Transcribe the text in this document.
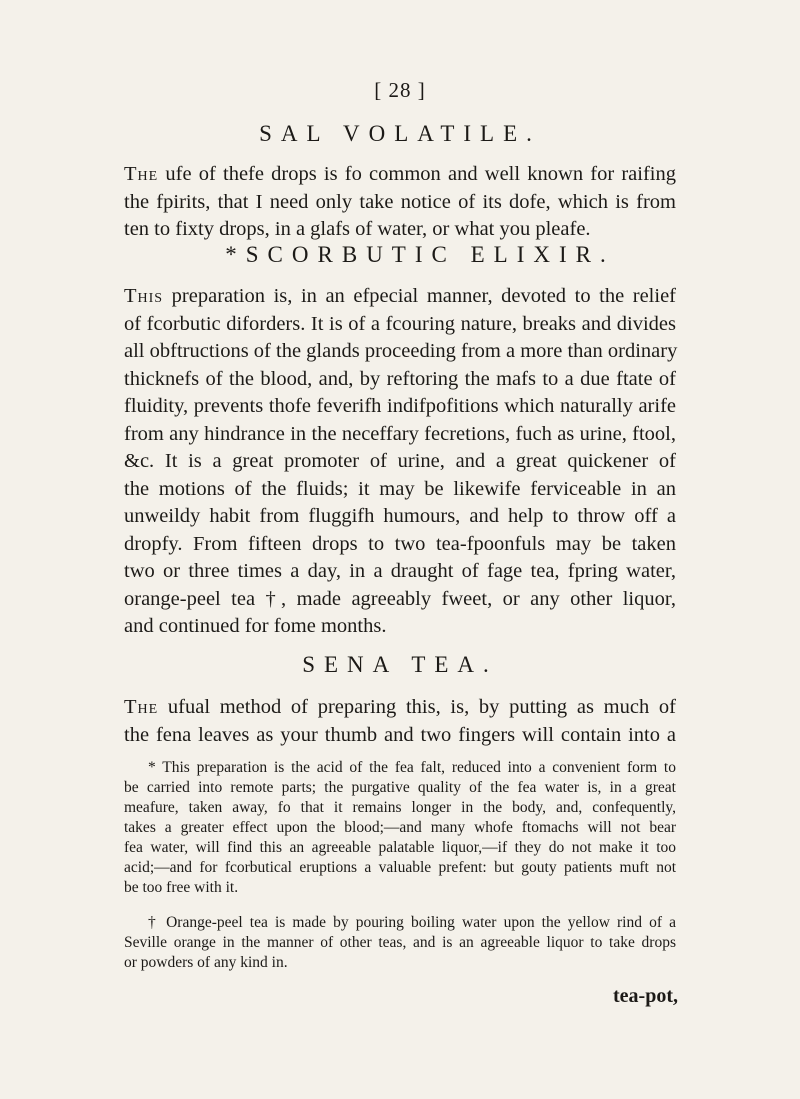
[ 28 ]
SAL VOLATILE.
The ufe of thefe drops is fo common and well known for raifing
the fpirits, that I need only take notice of its dofe, which is from
ten to fixty drops, in a glafs of water, or what you pleafe.
*SCORBUTIC ELIXIR.
This preparation is, in an efpecial manner, devoted to the relief
of fcorbutic diforders. It is of a fcouring nature, breaks and divides
all obftructions of the glands proceeding from a more than ordinary
thicknefs of the blood, and, by reftoring the mafs to a due ftate of
fluidity, prevents thofe feverifh indifpofitions which naturally arife
from any hindrance in the neceffary fecretions, fuch as urine, ftool,
&c. It is a great promoter of urine, and a great quickener of
the motions of the fluids; it may be likewife ferviceable in an
unweildy habit from fluggifh humours, and help to throw off a
dropfy. From fifteen drops to two tea-fpoonfuls may be taken
two or three times a day, in a draught of fage tea, fpring water,
orange-peel tea †, made agreeably fweet, or any other liquor,
and continued for fome months.
SENA TEA.
The ufual method of preparing this, is, by putting as much of
the fena leaves as your thumb and two fingers will contain into a
* This preparation is the acid of the fea falt, reduced into a convenient form to
be carried into remote parts; the purgative quality of the fea water is, in a great
meafure, taken away, fo that it remains longer in the body, and, confequently,
takes a greater effect upon the blood;—and many whofe ftomachs will not bear
fea water, will find this an agreeable palatable liquor,—if they do not make it too
acid;—and for fcorbutical eruptions a valuable prefent: but gouty patients muft not
be too free with it.
† Orange-peel tea is made by pouring boiling water upon the yellow rind of a
Seville orange in the manner of other teas, and is an agreeable liquor to take drops
or powders of any kind in.
tea-pot,
